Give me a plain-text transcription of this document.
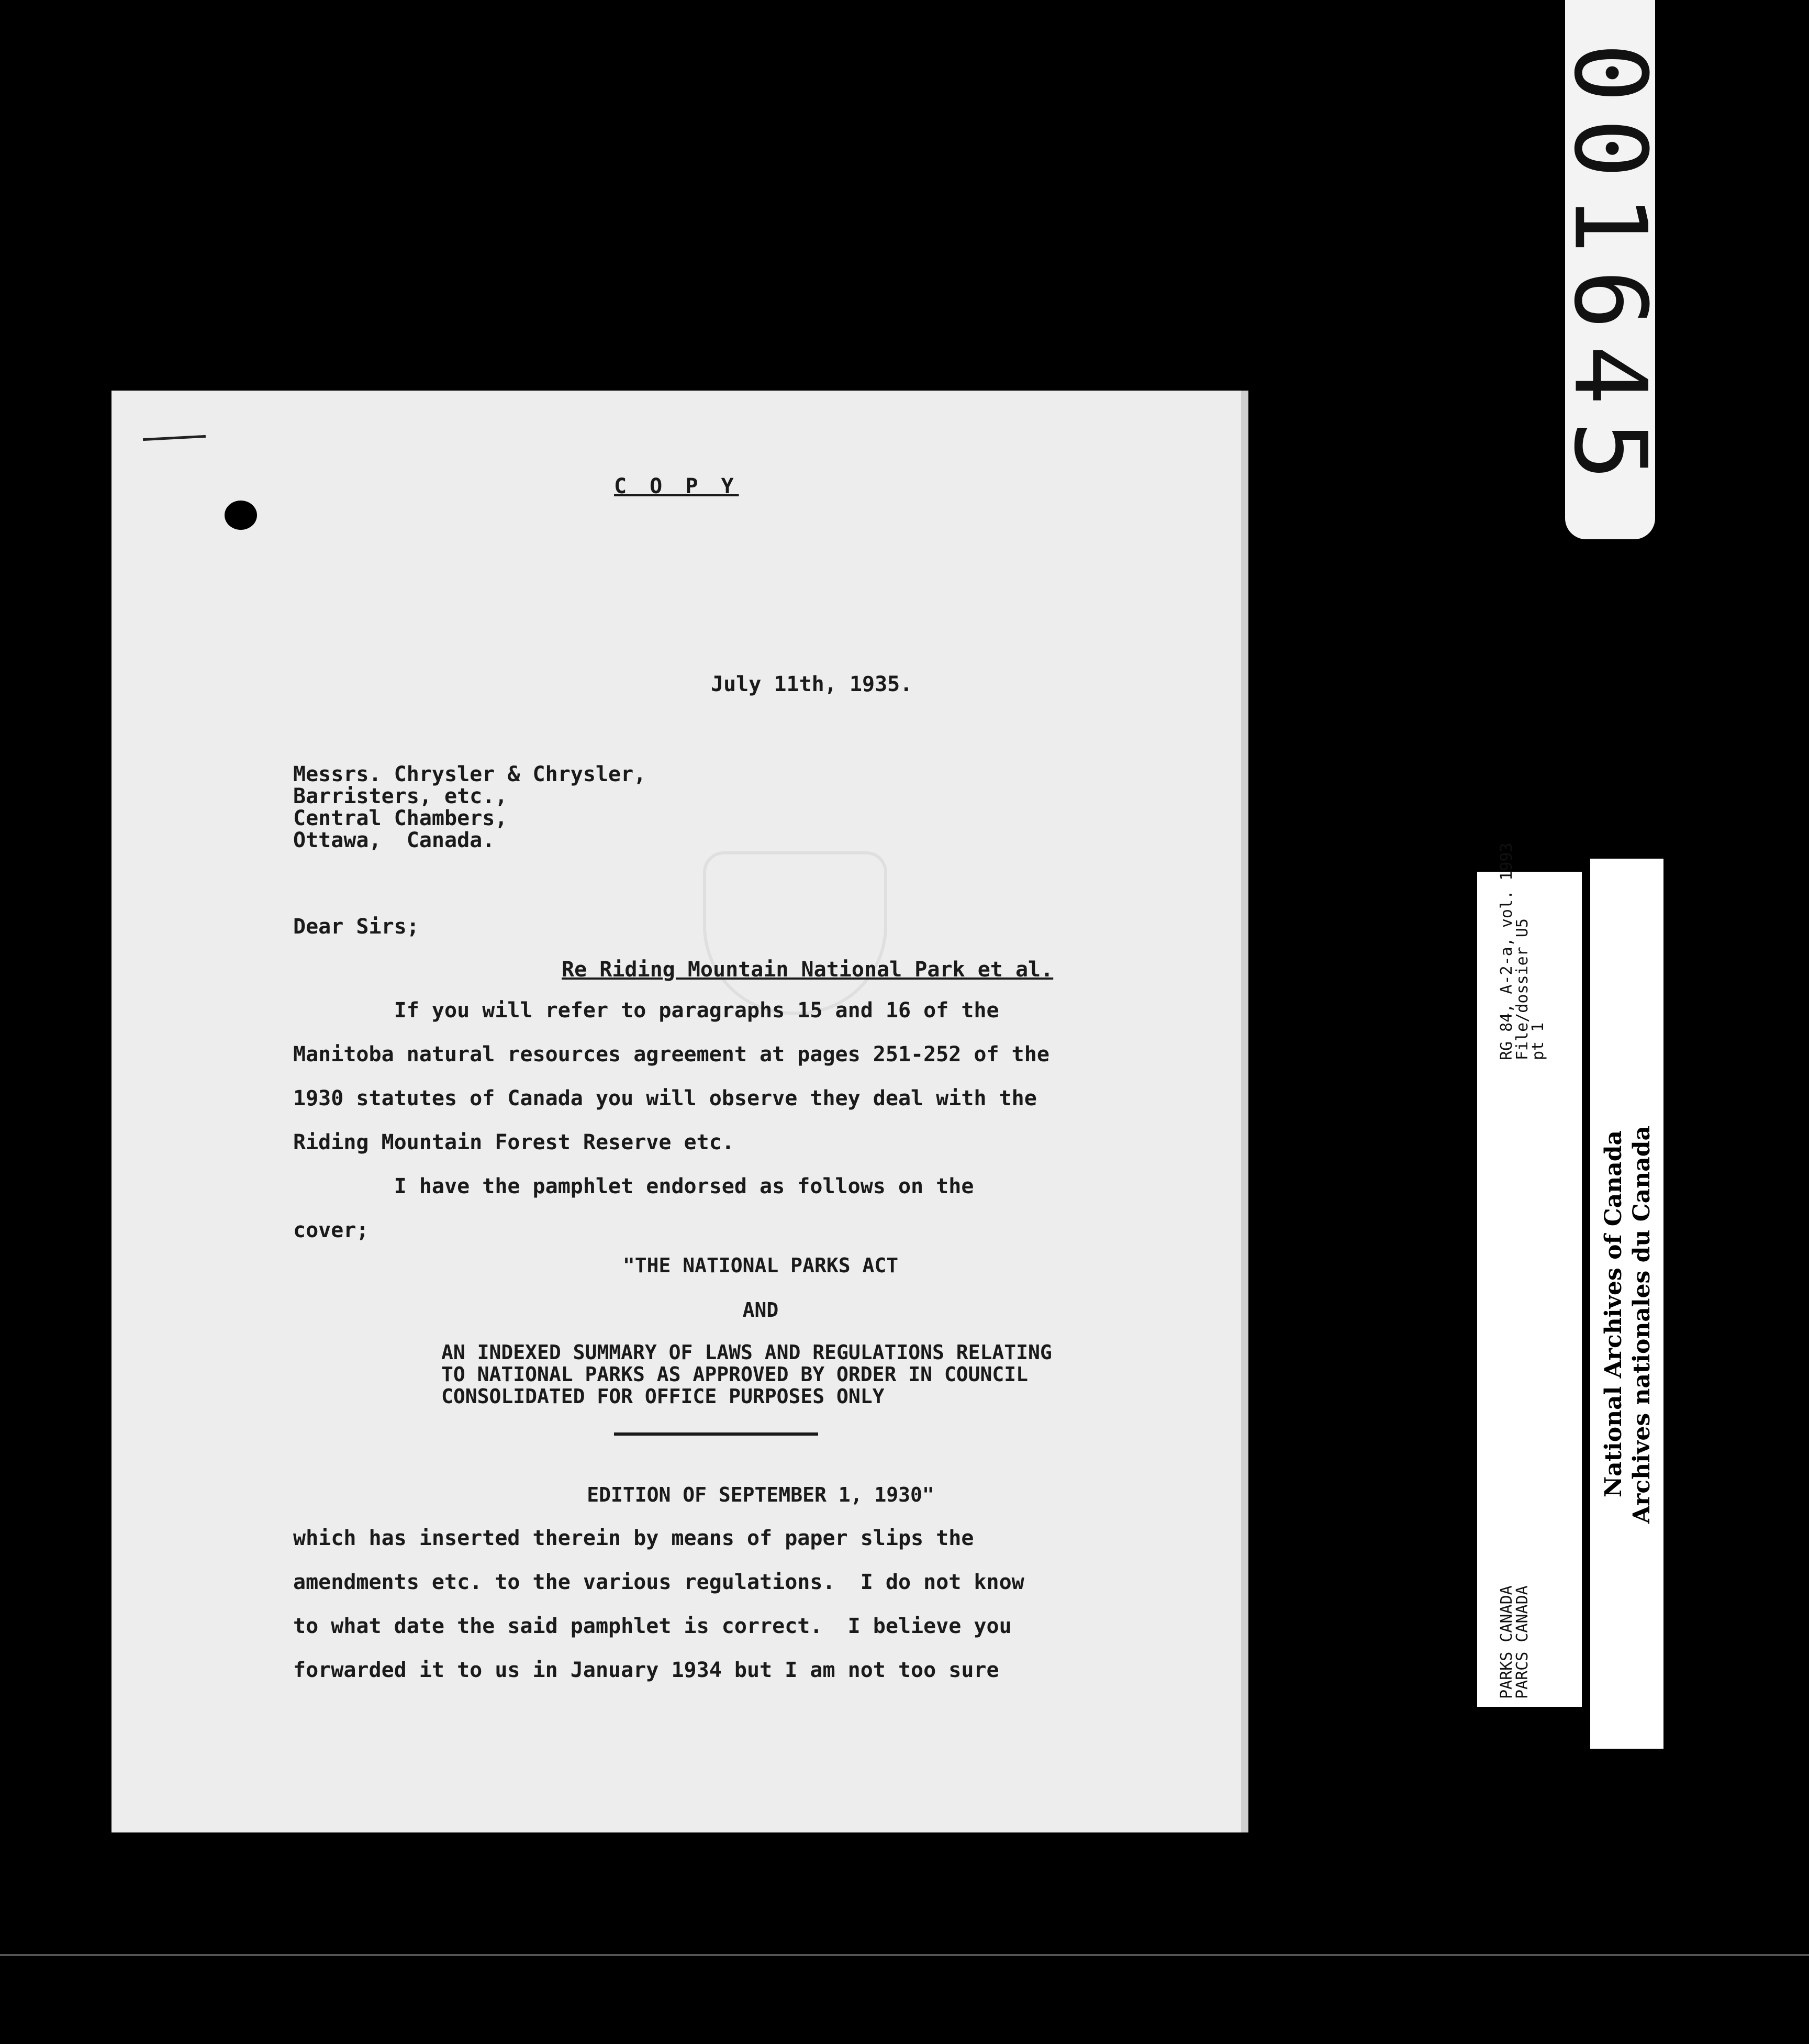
C O P Y
July 11th, 1935.
Messrs. Chrysler & Chrysler,
Barristers, etc.,
Central Chambers,
Ottawa,  Canada.
Dear Sirs;
Re Riding Mountain National Park et al.
If you will refer to paragraphs 15 and 16 of the
Manitoba natural resources agreement at pages 251-252 of the
1930 statutes of Canada you will observe they deal with the
Riding Mountain Forest Reserve etc.
I have the pamphlet endorsed as follows on the
cover;
"THE NATIONAL PARKS ACT
AND
AN INDEXED SUMMARY OF LAWS AND REGULATIONS RELATING
TO NATIONAL PARKS AS APPROVED BY ORDER IN COUNCIL
CONSOLIDATED FOR OFFICE PURPOSES ONLY
EDITION OF SEPTEMBER 1, 1930"
which has inserted therein by means of paper slips the
amendments etc. to the various regulations.  I do not know
to what date the said pamphlet is correct.  I believe you
forwarded it to us in January 1934 but I am not too sure
001645
PARKS CANADA
PARCS CANADA
RG 84, A-2-a, vol. 1993
File/dossier U5
pt 1
National Archives of Canada Archives nationales du Canada
